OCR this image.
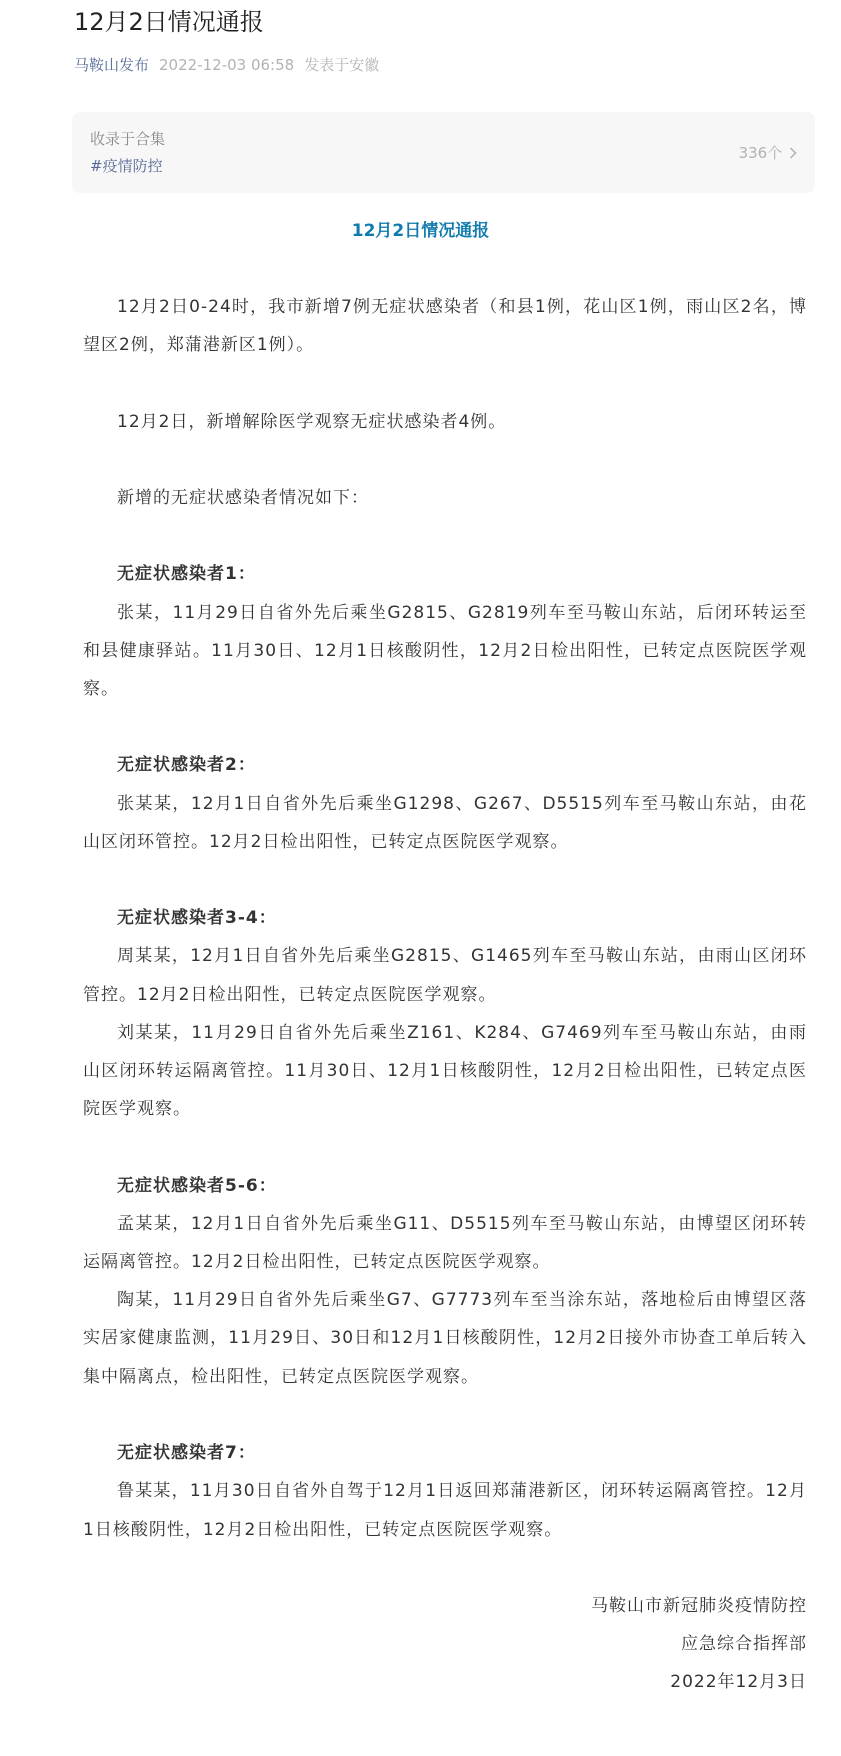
12月2日情况通报
马鞍山发布 2022-12-03 06:58 发表于安徽
收录于合集
#疫情防控
336个
12月2日情况通报

12月2日0-24时，我市新增7例无症状感染者（和县1例，花山区1例，雨山区2名，博望区2例，郑蒲港新区1例）。

12月2日，新增解除医学观察无症状感染者4例。

新增的无症状感染者情况如下：

无症状感染者1：

张某，11月29日自省外先后乘坐G2815、G2819列车至马鞍山东站，后闭环转运至和县健康驿站。11月30日、12月1日核酸阴性，12月2日检出阳性，已转定点医院医学观察。

无症状感染者2：

张某某，12月1日自省外先后乘坐G1298、G267、D5515列车至马鞍山东站，由花山区闭环管控。12月2日检出阳性，已转定点医院医学观察。

无症状感染者3-4：

周某某，12月1日自省外先后乘坐G2815、G1465列车至马鞍山东站，由雨山区闭环管控。12月2日检出阳性，已转定点医院医学观察。

刘某某，11月29日自省外先后乘坐Z161、K284、G7469列车至马鞍山东站，由雨山区闭环转运隔离管控。11月30日、12月1日核酸阴性，12月2日检出阳性，已转定点医院医学观察。

无症状感染者5-6：

孟某某，12月1日自省外先后乘坐G11、D5515列车至马鞍山东站，由博望区闭环转运隔离管控。12月2日检出阳性，已转定点医院医学观察。

陶某，11月29日自省外先后乘坐G7、G7773列车至当涂东站，落地检后由博望区落实居家健康监测，11月29日、30日和12月1日核酸阴性，12月2日接外市协查工单后转入集中隔离点，检出阳性，已转定点医院医学观察。

无症状感染者7：

鲁某某，11月30日自省外自驾于12月1日返回郑蒲港新区，闭环转运隔离管控。12月1日核酸阴性，12月2日检出阳性，已转定点医院医学观察。

马鞍山市新冠肺炎疫情防控

应急综合指挥部

2022年12月3日
